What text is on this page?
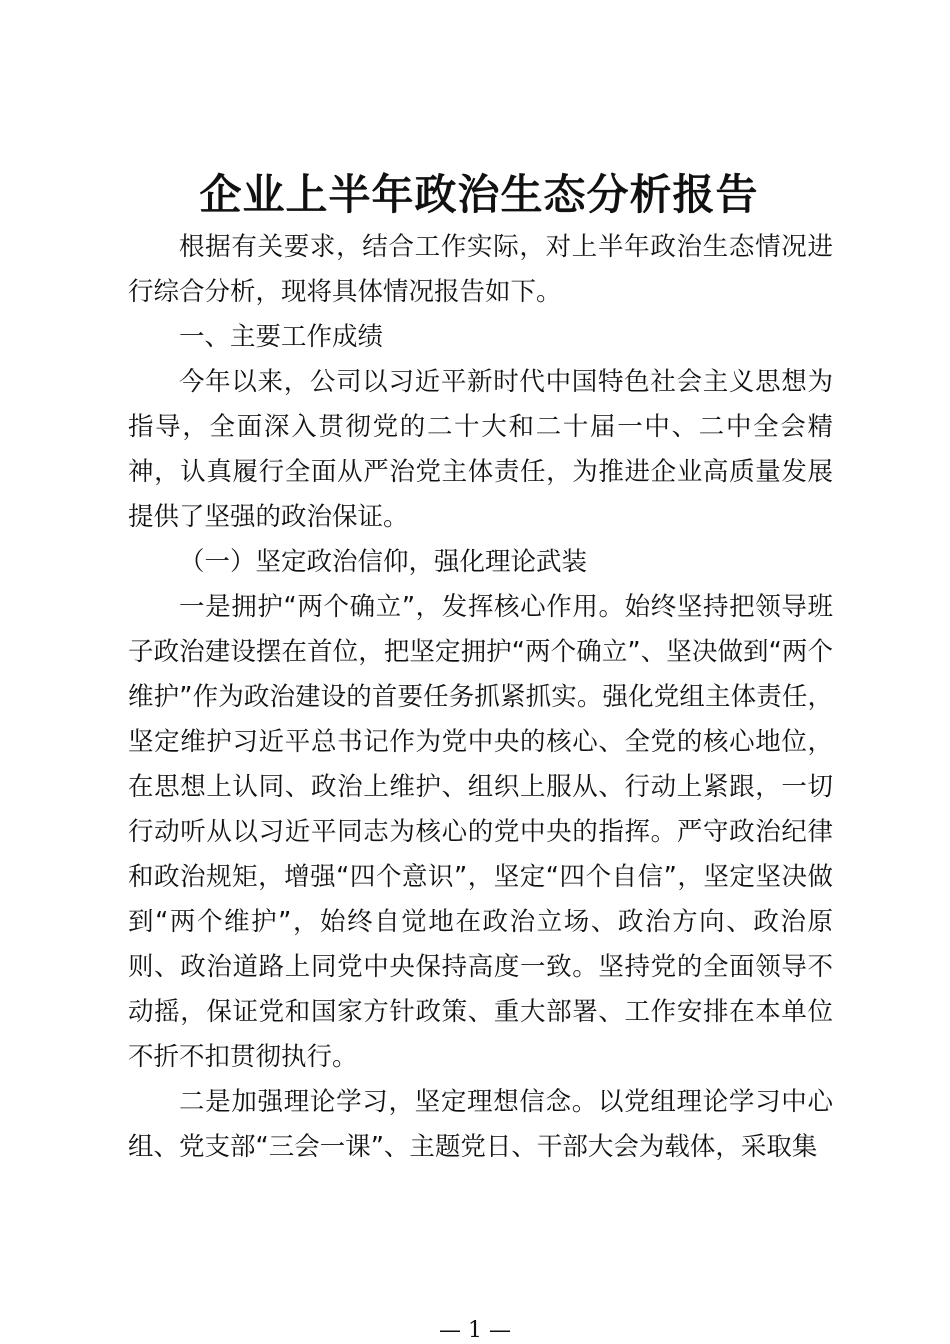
企业上半年政治生态分析报告

根据有关要求，结合工作实际，对上半年政治生态情况进行综合分析，现将具体情况报告如下。

一、主要工作成绩

今年以来，公司以习近平新时代中国特色社会主义思想为指导，全面深入贯彻党的二十大和二十届一中、二中全会精神，认真履行全面从严治党主体责任，为推进企业高质量发展提供了坚强的政治保证。

（一）坚定政治信仰，强化理论武装

一是拥护“两个确立”，发挥核心作用。始终坚持把领导班子政治建设摆在首位，把坚定拥护“两个确立”、坚决做到“两个维护”作为政治建设的首要任务抓紧抓实。强化党组主体责任，坚定维护习近平总书记作为党中央的核心、全党的核心地位，在思想上认同、政治上维护、组织上服从、行动上紧跟，一切行动听从以习近平同志为核心的党中央的指挥。严守政治纪律和政治规矩，增强“四个意识”，坚定“四个自信”，坚定坚决做到“两个维护”，始终自觉地在政治立场、政治方向、政治原则、政治道路上同党中央保持高度一致。坚持党的全面领导不动摇，保证党和国家方针政策、重大部署、工作安排在本单位不折不扣贯彻执行。

二是加强理论学习，坚定理想信念。以党组理论学习中心组、党支部“三会一课”、主题党日、干部大会为载体，采取集

— 1 —
